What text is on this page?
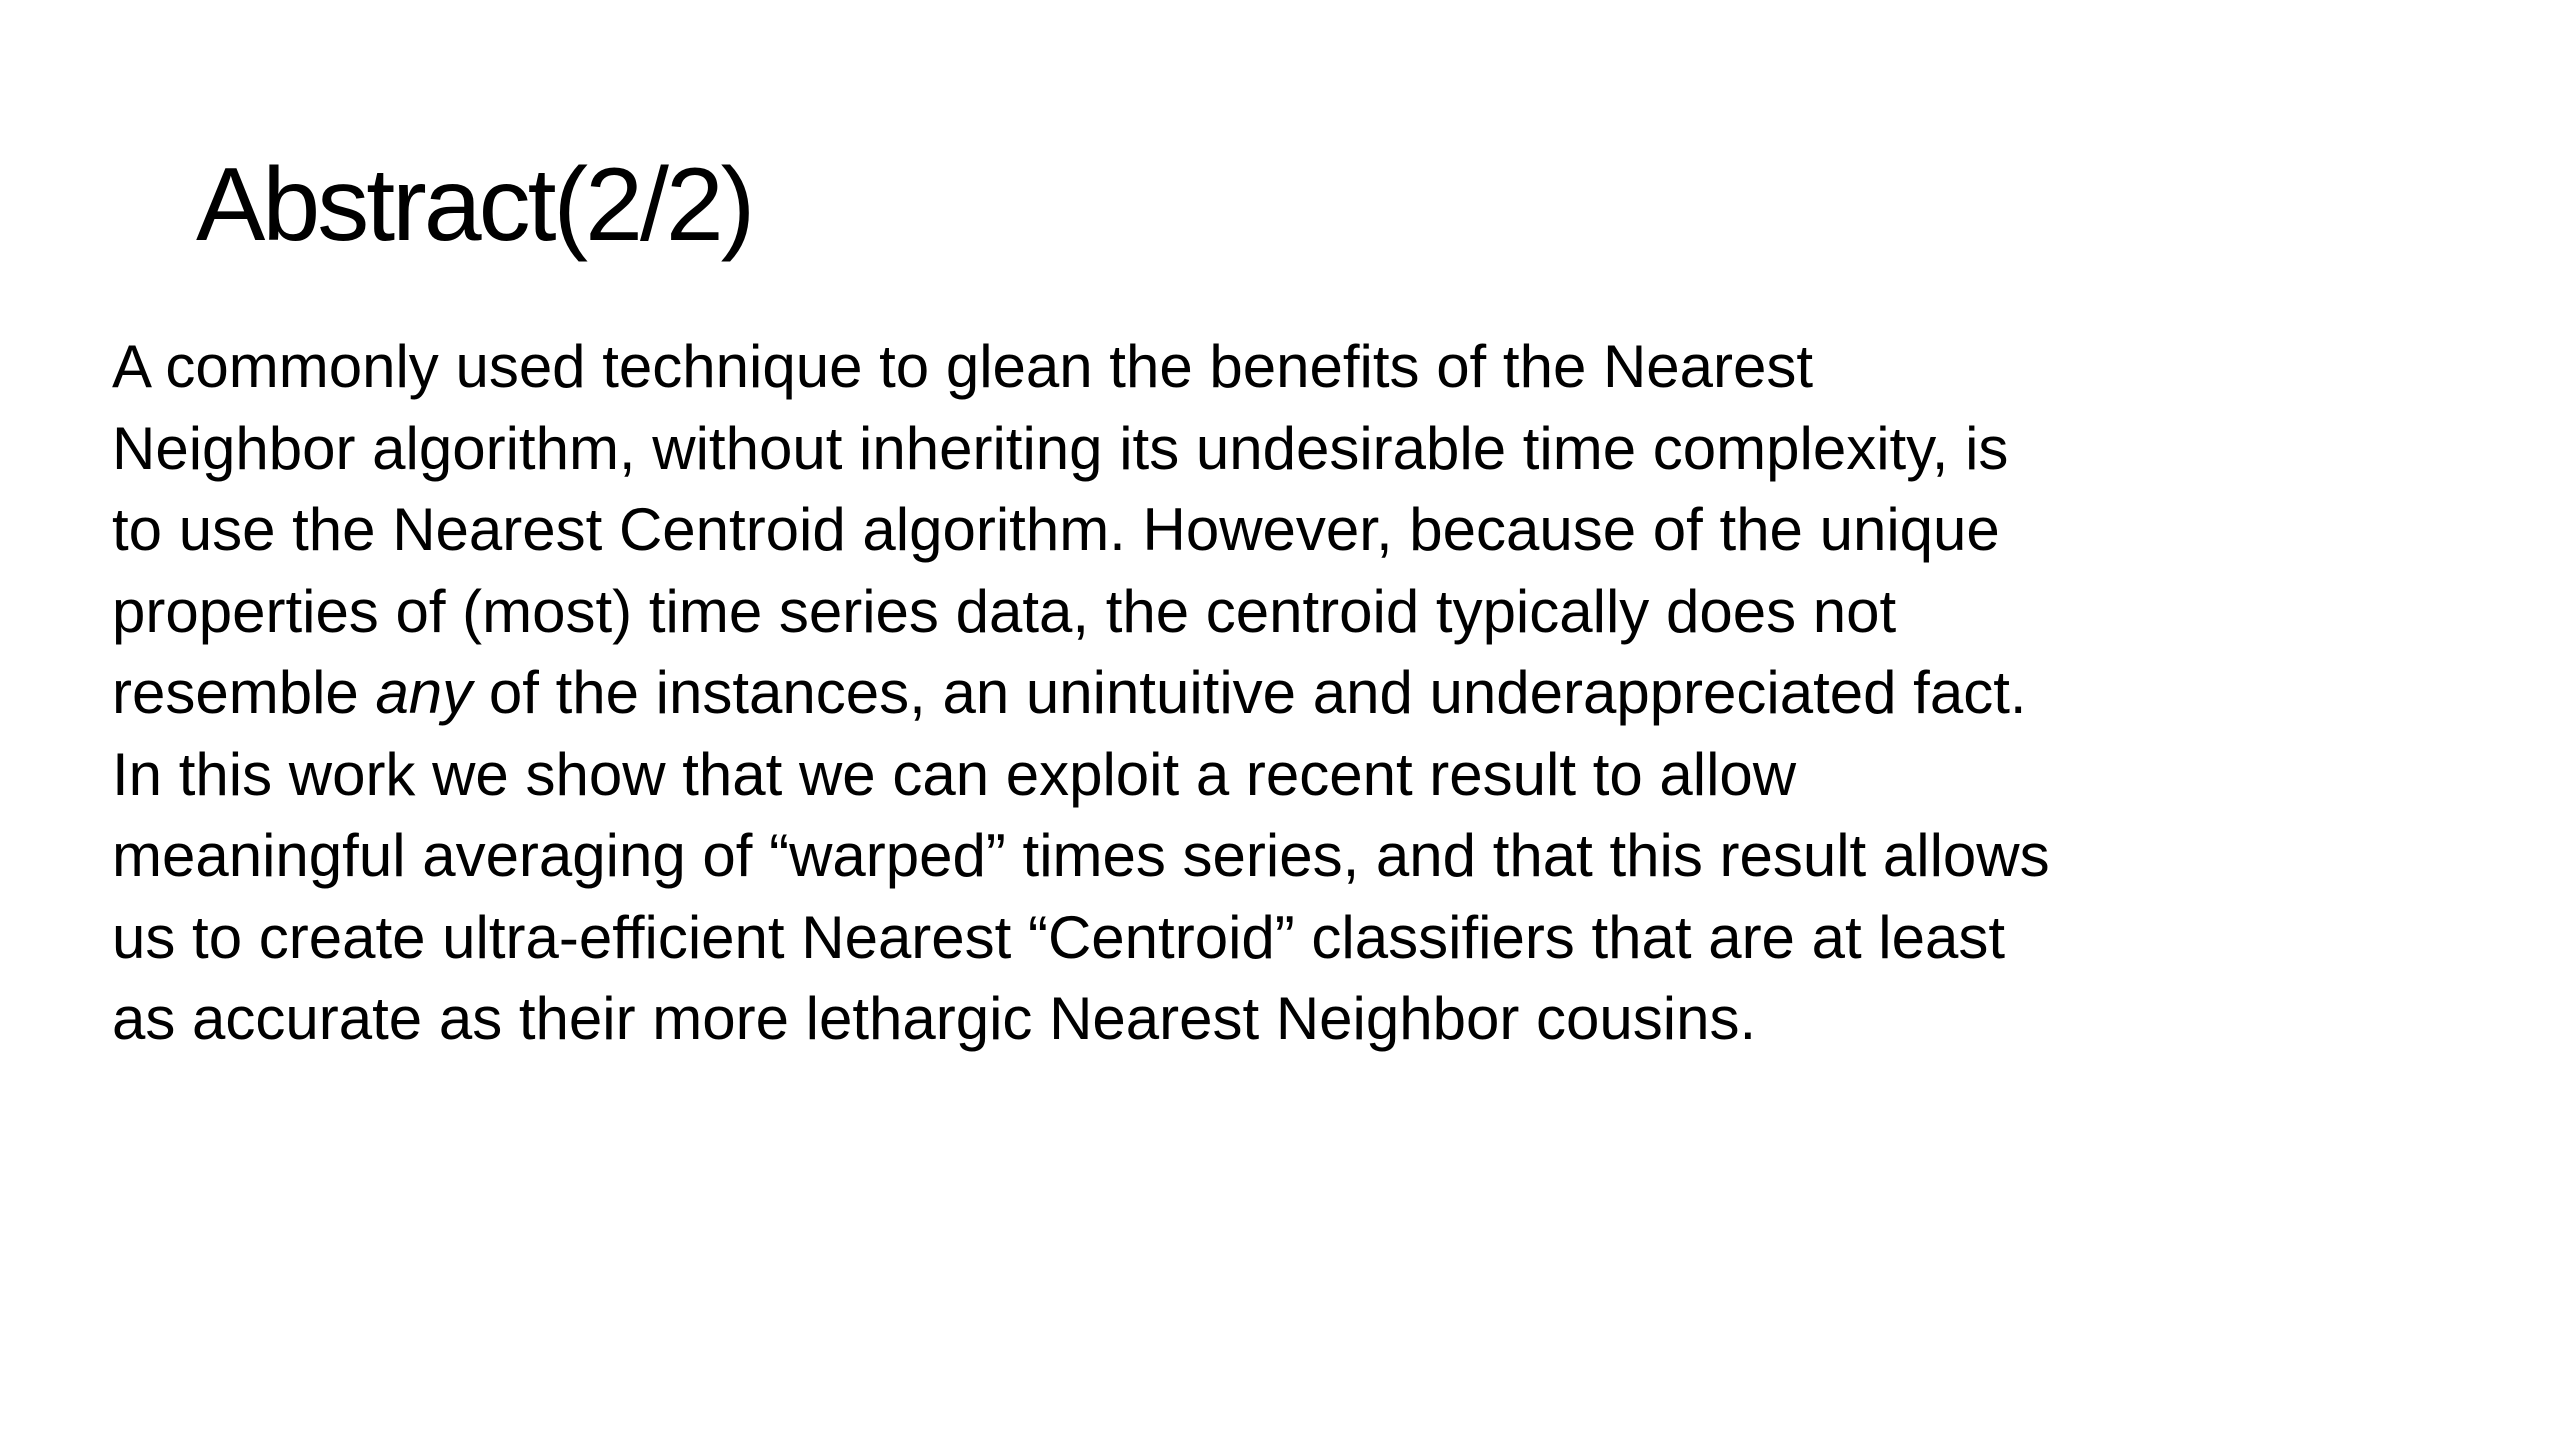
Abstract(2/2)
A commonly used technique to glean the benefits of the Nearest
Neighbor algorithm, without inheriting its undesirable time complexity, is
to use the Nearest Centroid algorithm. However, because of the unique
properties of (most) time series data, the centroid typically does not
resemble any of the instances, an unintuitive and underappreciated fact.
In this work we show that we can exploit a recent result to allow
meaningful averaging of “warped” times series, and that this result allows
us to create ultra-efficient Nearest “Centroid” classifiers that are at least
as accurate as their more lethargic Nearest Neighbor cousins.
